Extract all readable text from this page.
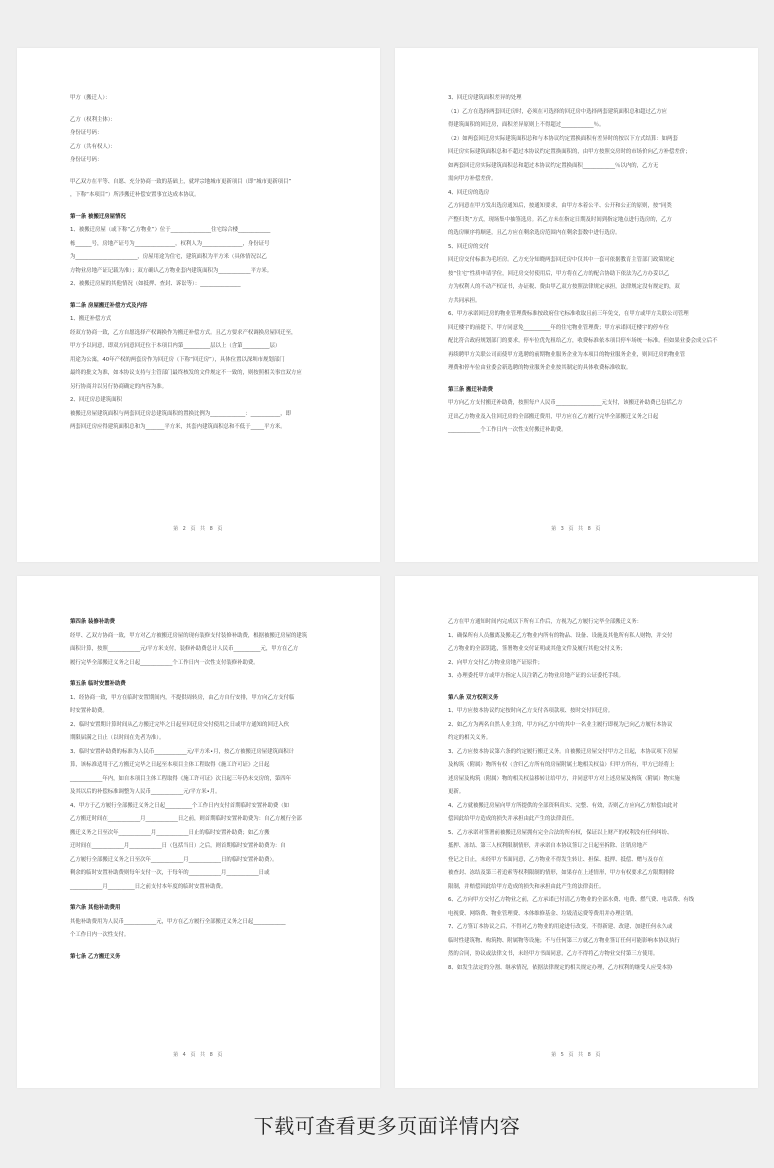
甲方（搬迁人）：
乙方（权利主体）：
身份证号码：
乙方（共有权人）：
身份证号码：
甲乙双方在平等、自愿、充分协商一致的基础上，就坪宗地城市更新项目（即“城市更新项目”
，下称“本项目”）所涉搬迁补偿安置事宜达成本协议。
第一条 被搬迁房屋情况
1、被搬迁房屋（或下称“乙方物业”）位于_______________住宅综合楼____________
栋______号，房地产证号为_______________，权利人为_______________，身份证号
为_______________________，房屋用途为住宅，建筑面积为平方米（具体情况以乙
方物业房地产证记载为准）；双方确认乙方物业套内建筑面积为____________平方米。
2、被搬迁房屋的其他情况（如抵押、查封、诉讼等）：_______________
第二条 房屋搬迁补偿方式及内容
1、搬迁补偿方式
经双方协商一致，乙方自愿选择产权调换作为搬迁补偿方式。且乙方要求产权调换房屋回迁至，
甲方予以同意，即双方同意回迁位于本项目内第__________层以上（含第__________层）
用途为公寓，40年产权的两套房作为回迁房（下称“回迁房”），具体位置以深圳市规划部门
最终的批文为准，如本协议支持与主管部门最终核发的文件规定不一致的，则按照相关事宜双方应
另行协商并以另行协商确定的内容为准。
2、回迁房总建筑面积
被搬迁房屋建筑面积与两套回迁房总建筑面积的置换比例为_____________：___________，即
两套回迁房应得建筑面积总和为_______平方米，其套内建筑面积总和不低于_____平方米。
第 2 页 共 8 页
3、回迁房建筑面积差异的处理
（1）乙方在选择两套回迁房时，必须在可选择的回迁房中选择两套建筑面积总和超过乙方应
得建筑面积的回迁房，面积差异原则上不得超过____________％。
（2）如两套回迁房实际建筑面积总和与本协议约定置换面积有差异时的按以下方式结算：如两套
回迁房实际建筑面积总和不超过本协议约定置换面积的，由甲方按照交房时的市场价向乙方补偿差价；
如两套回迁房实际建筑面积总和超过本协议约定置换面积____________％以内的，乙方无
需向甲方补偿差价。
4、回迁房的选房
乙方同意在甲方发出选房通知后，按通知要求，由甲方本着公平、公开和公正的原则，按“同类
产整归类”方式，现场集中抽签选房。若乙方未在指定日期及时间到指定地点进行选房的，乙方
的选房顺序将顺延，且乙方应在剩余选房范围内在剩余套数中进行选房。
5、回迁房的交付
回迁房交付标准为毛坯房。乙方充分知晓两套回迁房中仅其中一套可依据教育主管部门政策规定
按“住宅”性质申请学位，回迁房交付使用后，甲方将在乙方的配合协助下依法为乙方办妥以乙
方为权利人的不动产权证书，办证税、费由甲乙双方按照法律规定承担，法律规定没有规定的，双
方共同承担。
6、甲方承诺回迁房的物业管理费标准按政府住宅标准收取且前三年免交，在甲方或甲方关联公司管理
回迁楼宇的前提下，甲方同意免__________年的住宅物业管理费；甲方承诺回迁楼宇的停车位
配比符合政府规划部门的要求，停车位优先租给乙方，收费标准依本项目停车场统一标准。但如果业委会成立后不
再续聘甲方关联公司而使甲方选聘的前期物业服务企业为本项目的物业服务企业，则回迁房的物业管
理费和停车位由业委会新选聘的物业服务企业按其制定的具体收费标准收取。
第三条 搬迁补助费
甲方向乙方支付搬迁补助费，按照每户人民币_________________元支付，该搬迁补助费已包括乙方
迁出乙方物业及入住回迁房的全部搬迁费用，甲方应在乙方履行完毕全部搬迁义务之日起
____________个工作日内一次性支付搬迁补助费。
第 3 页 共 8 页
第四条 装修补助费
经甲、乙双方协商一致，甲方对乙方被搬迁房屋的现有装修支付装修补助费，根据被搬迁房屋的建筑
面积计算，按照____________元/平方米支付，装修补助费总计人民币__________元，甲方在乙方
履行完毕全部搬迁义务之日起____________个工作日内一次性支付装修补助费。
第五条 临时安置补助费
1、经协商一致，甲方在临时安置期间内，不提供周转房，由乙方自行安排，甲方向乙方支付临
时安置补助费。
2、临时安置期计算时间从乙方搬迁完毕之日起至回迁房交付使用之日或甲方通知的回迁入伙
期限届满之日止（以时间在先者为准）。
3、临时安置补助费的标准为人民币____________元/平方米•月，按乙方被搬迁房屋建筑面积计
算，该标准适用于乙方搬迁完毕之日起至本项目主体工程取得《施工许可证》之日起
____________年内，如自本项目主体工程取得《施工许可证》次日起三年仍未交房的，第四年
及其以后的补偿标准调整为人民币____________元/平方米•月。
4、甲方于乙方履行全部搬迁义务之日起__________个工作日内支付首期临时安置补助费（如
乙方搬迁时间在____________月____________日之前，则首期临时安置补助费为：自乙方履行全部
搬迁义务之日至次年____________月____________日止的临时安置补助费；如乙方搬
迁时间在____________月____________日（包括当日）之后，则首期临时安置补助费为：自
乙方履行全部搬迁义务之日至次年____________月____________日的临时安置补助费）。
剩余的临时安置补助费则每年支付一次，于每年的____________月____________日或
____________月__________日之前支付本年度的临时安置补助费。
第六条 其他补助费用
其他补助费用为人民币____________元，甲方在乙方履行全部搬迁义务之日起____________
个工作日内一次性支付。
第七条 乙方搬迁义务
第 4 页 共 8 页
乙方在甲方通知时间内完成以下所有工作后，方视为乙方履行完毕全部搬迁义务：
1、确保所有人员撤离及搬走乙方物业内所有的物品、设备、设施及其他所有私人财物，并交付
乙方物业的全部钥匙，签署物业交付证明或其他文件及履行其他交付义务；
2、向甲方交付乙方物业房地产证原件；
3、办理委托甲方或甲方指定人员注销乙方物业房地产证的公证委托手续。
第八条 双方权利义务
1、甲方应按本协议约定按时向乙方支付各项款项、按时交付回迁房。
2、如乙方为两名自然人业主的，甲方向乙方中的其中一名业主履行即视为已向乙方履行本协议
约定的相关义务。
3、乙方应按本协议第六条的约定履行搬迁义务。自被搬迁房屋交付甲方之日起，本协议项下房屋
及构筑（附属）物所有权（含归乙方所有的房屋附属土地相关权益）归甲方所有，甲方已经将上
述房屋及构筑（附属）物的相关权益移转让给甲方，并同意甲方对上述房屋及构筑（附属）物实施
更新。
4、乙方就被搬迁房屋向甲方所提供的全部资料真实、完整、有效，否则乙方应向乙方赔偿由此对
偿因此给甲方造成的损失并承担由此产生的法律责任。
5、乙方承诺对签署前被搬迁房屋拥有完全合法的所有权，保证以上财产的权利没有任何纠纷、
抵押、冻结、第三人权利限制情形，并承诺自本协议签订之日起至拆除、注销房地产
登记之日止，未经甲方书面同意，乙方物业不得发生转让、担保、抵押、抵偿、赠与及存在
被查封、冻结及第三者追索等权利限制的情形，如果存在上述情形，甲方有权要求乙方限期排除
限制，并赔偿因此给甲方造成的损失和承担由此产生的法律责任。
6、乙方向甲方交付乙方物业之前，乙方承诺已付清乙方物业的全部水费、电费、燃气费、电话费、有线
电视费、网络费、物业管理费、本体维修基金、垃圾清运费等费用并办理注销。
7、乙方签订本协议之后，不得对乙方物业的用途进行改变，不得新建、改建、加建任何永久或
临时性建筑物、构筑物、附属物等设施；不与任何第三方就乙方物业签订任何可能影响本协议执行
然的合同，协议或法律文书，未经甲方书面同意，乙方不得将乙方物业交付第三方使用。
8、如发生法定的分割、继承情况，依据法律规定的相关规定办理，乙方权利的继受人应受本协
第 5 页 共 8 页
下载可查看更多页面详情内容
